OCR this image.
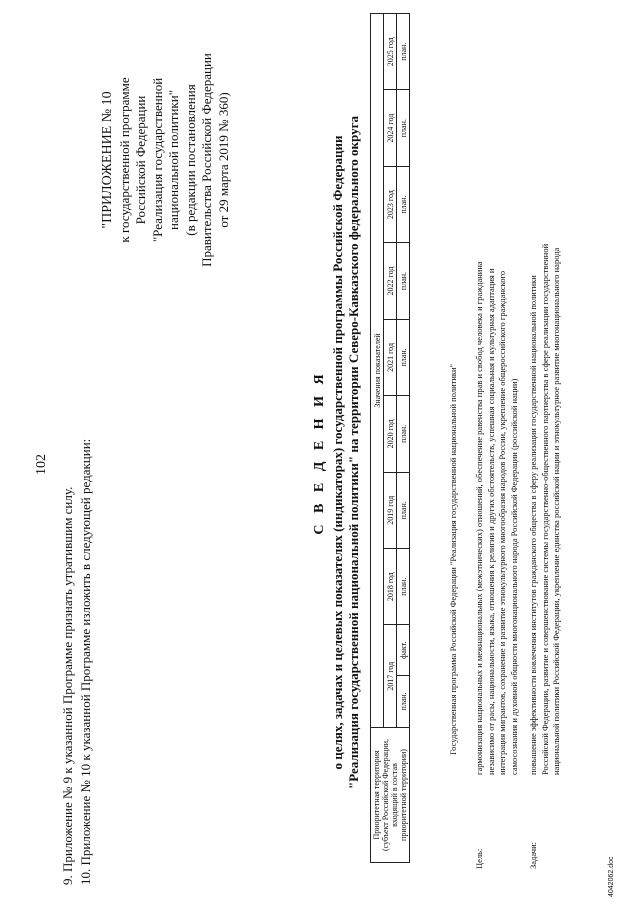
102
9. Приложение № 9 к указанной Программе признать утратившим силу. 10. Приложение № 10 к указанной Программе изложить в следующей редакции:
"ПРИЛОЖЕНИЕ № 10 к государственной программе Российской Федерации "Реализация государственной национальной политики" (в редакции постановления Правительства Российской Федерации от 29 марта 2019 № 360)
С В Е Д Е Н И Я о целях, задачах и целевых показателях (индикаторах) государственной программы Российской Федерации "Реализация государственной национальной политики" на территории Северо-Кавказского федерального округа
Приоритетная территория (субъект Российской Федерации, входящий в состав приоритетной территории)	Значения показателей									
	2017 год		2018 год	2019 год	2020 год	2021 год	2022 год	2023 год	2024 год	2025 год
	план.	факт.	план.	план.	план.	план.	план.	план.	план.	план.
Государственная программа Российской Федерации "Реализация государственной национальной политики"
Цель:
гармонизация национальных и межнациональных (межэтнических) отношений, обеспечение равенства прав и свобод человека и гражданина независимо от расы, национальности, языка, отношения к религии и других обстоятельств, успешная социальная и культурная адаптация и интеграция мигрантов, сохранение и развитие этнокультурного многообразия народов России, укрепление общероссийского гражданского самосознания и духовной общности многонационального народа Российской Федерации (российской нации)
Задачи:
повышение эффективности вовлечения институтов гражданского общества в сферу реализации государственной национальной политики Российской Федерации, развитие и совершенствование системы государственно-общественного партнерства в сфере реализации государственной национальной политики Российской Федерации, укрепление единства российской нации и этнокультурное развитие многонационального народа
4042062.doc
